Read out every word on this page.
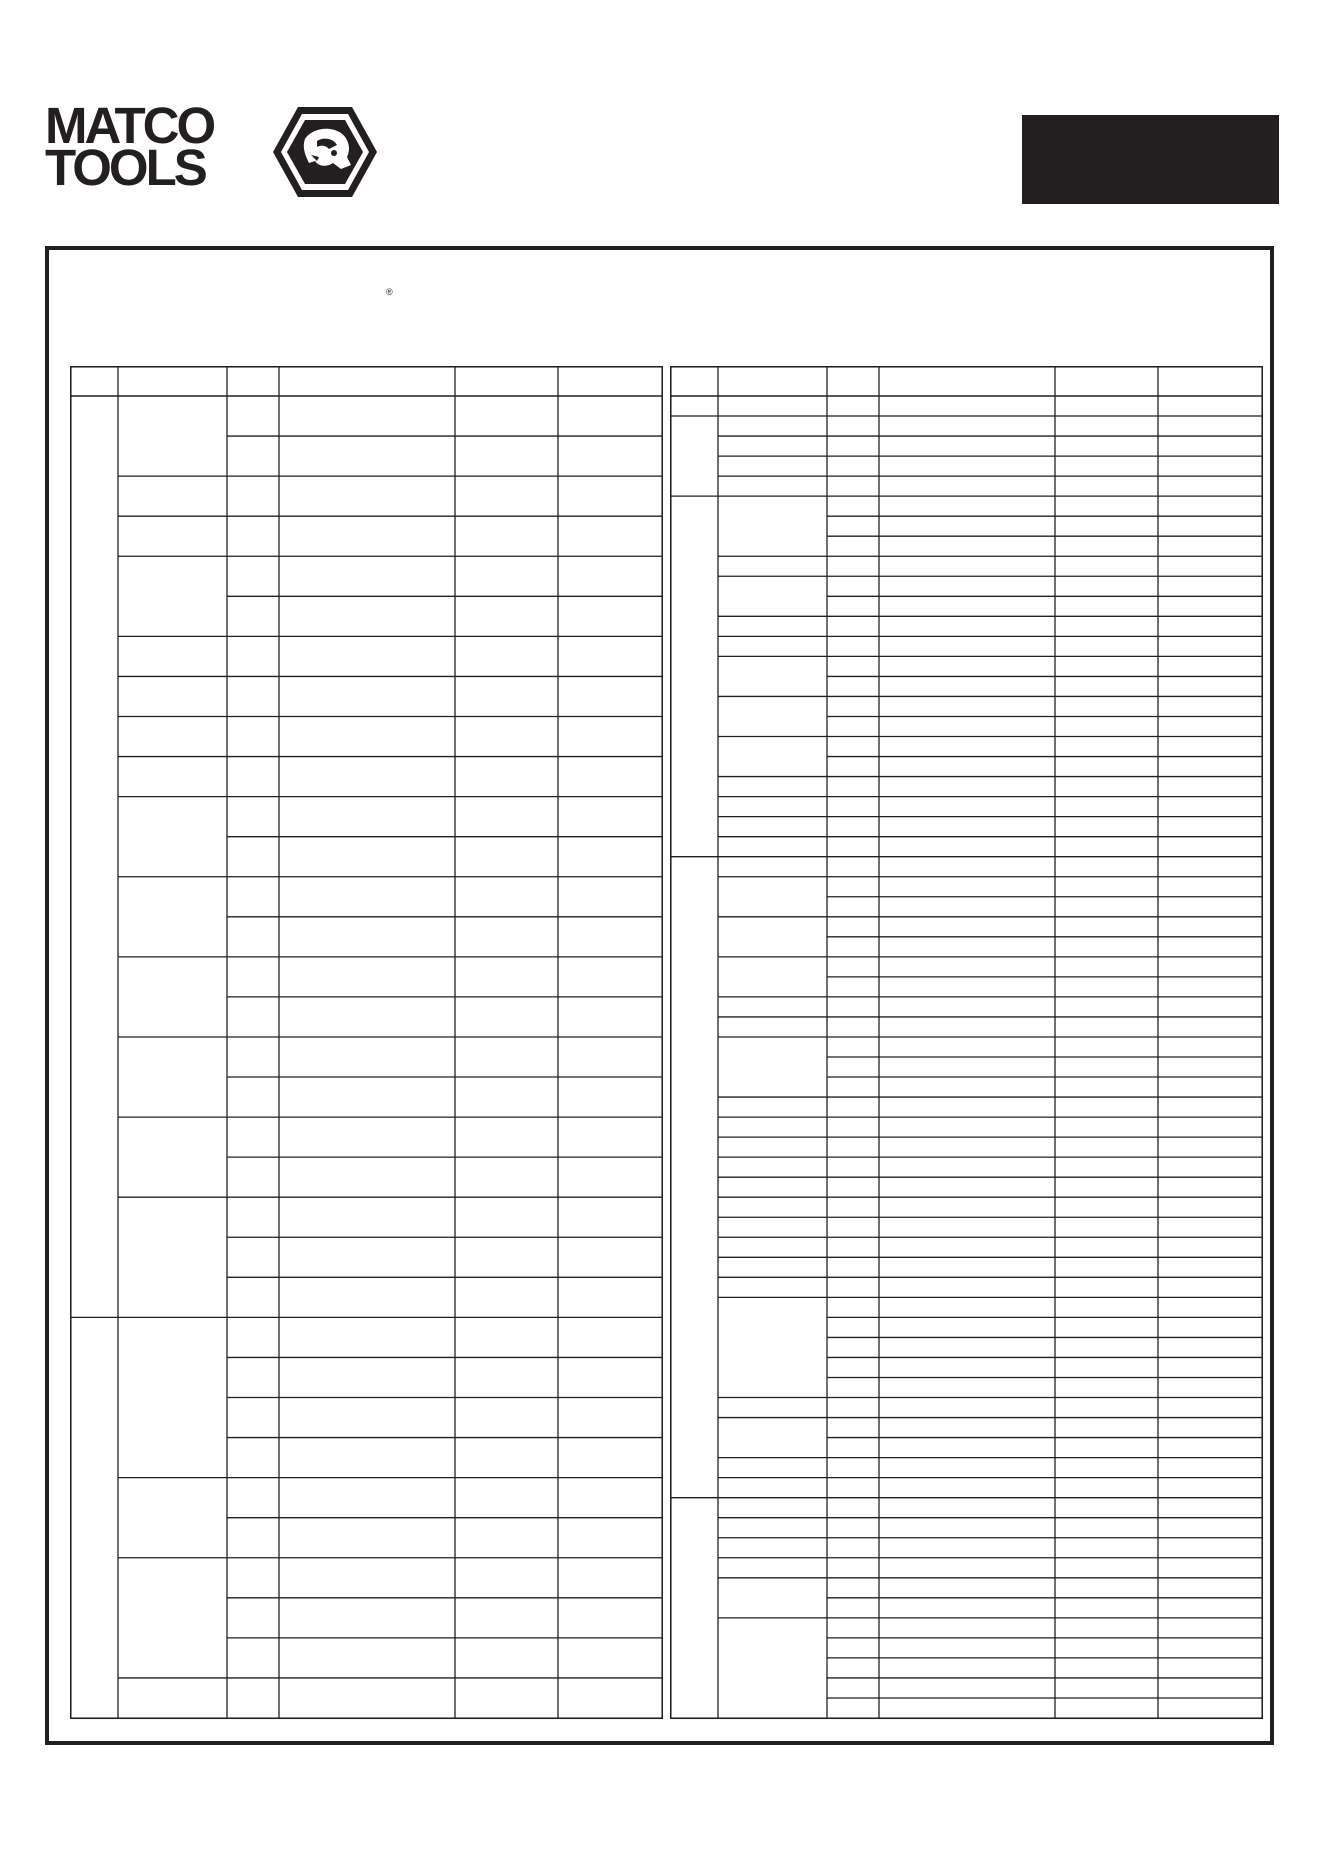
MATCO
TOOLS
®
